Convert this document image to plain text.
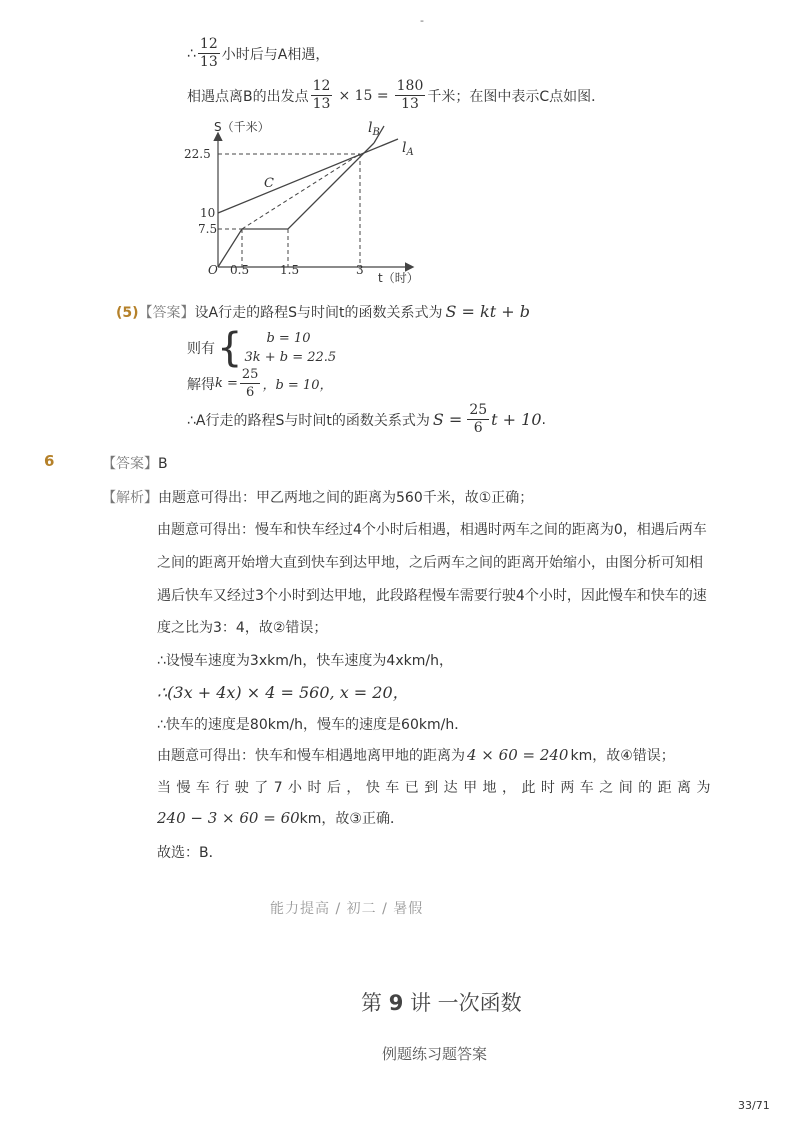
-
∴ $\frac{12}{13}$ 小时后与A相遇，
相遇点离B的出发点 $\frac{12}{13} \times 15 = \frac{180}{13}$ 千米；在图中表示C点如图．
S（千米）
t（时）
O
22.5
10
7.5
0.5	1.5	3
C
$l_B$
$l_A$
(5)【答案】设A行走的路程S与时间t的函数关系式为 S = kt + b
则有 { b = 10
3k + b = 22.5
解得 $k = \frac{25}{6}$ ，b = 10，
∴A行走的路程S与时间t的函数关系式为 $S = \frac{25}{6}$ t + 10 .
6	【答案】B
【解析】由题意可得出：甲乙两地之间的距离为560千米，故①正确；
由题意可得出：慢车和快车经过4个小时后相遇，相遇时两车之间的距离为0，相遇后两车
之间的距离开始增大直到快车到达甲地，之后两车之间的距离开始缩小，由图分析可知相
遇后快车又经过3个小时到达甲地，此段路程慢车需要行驶4个小时，因此慢车和快车的速
度之比为3：4，故②错误；
∴设慢车速度为3xkm/h，快车速度为4xkm/h，
∴(3x + 4x) × 4 = 560, x = 20，
∴快车的速度是80km/h，慢车的速度是60km/h．
由题意可得出：快车和慢车相遇地离甲地的距离为 4 × 60 = 240 km，故④错误；
当 慢 车 行 驶 了 7 小 时 后 ， 快 车 已 到 达 甲 地 ， 此 时 两 车 之 间 的 距 离 为
240 − 3 × 60 = 60km，故③正确．
故选：B．
能力提高 / 初二 / 暑假
第 9 讲 一次函数
例题练习题答案
33/71
